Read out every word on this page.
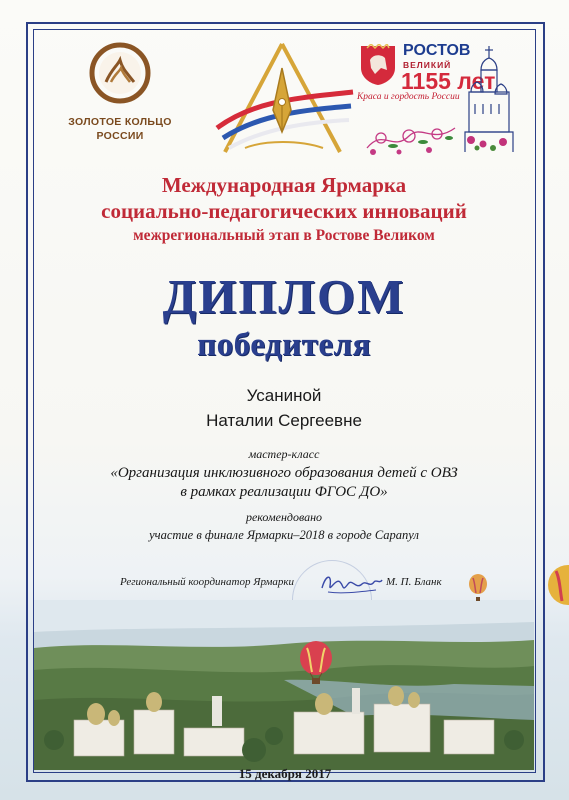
ЗОЛОТОЕ КОЛЬЦО
РОССИИ
РОСТОВ
ВЕЛИКИЙ
1155 лет
Краса и гордость России
Международная Ярмарка
социально-педагогических инноваций
межрегиональный этап в Ростове Великом
ДИПЛОМ
победителя
Усаниной
Наталии Сергеевне
мастер-класс
«Организация инклюзивного образования детей с ОВЗ
в рамках реализации ФГОС ДО»
рекомендовано
участие в финале Ярмарки–2018 в городе Сарапул
Региональный координатор Ярмарки	М. П. Бланк
15 декабря 2017
